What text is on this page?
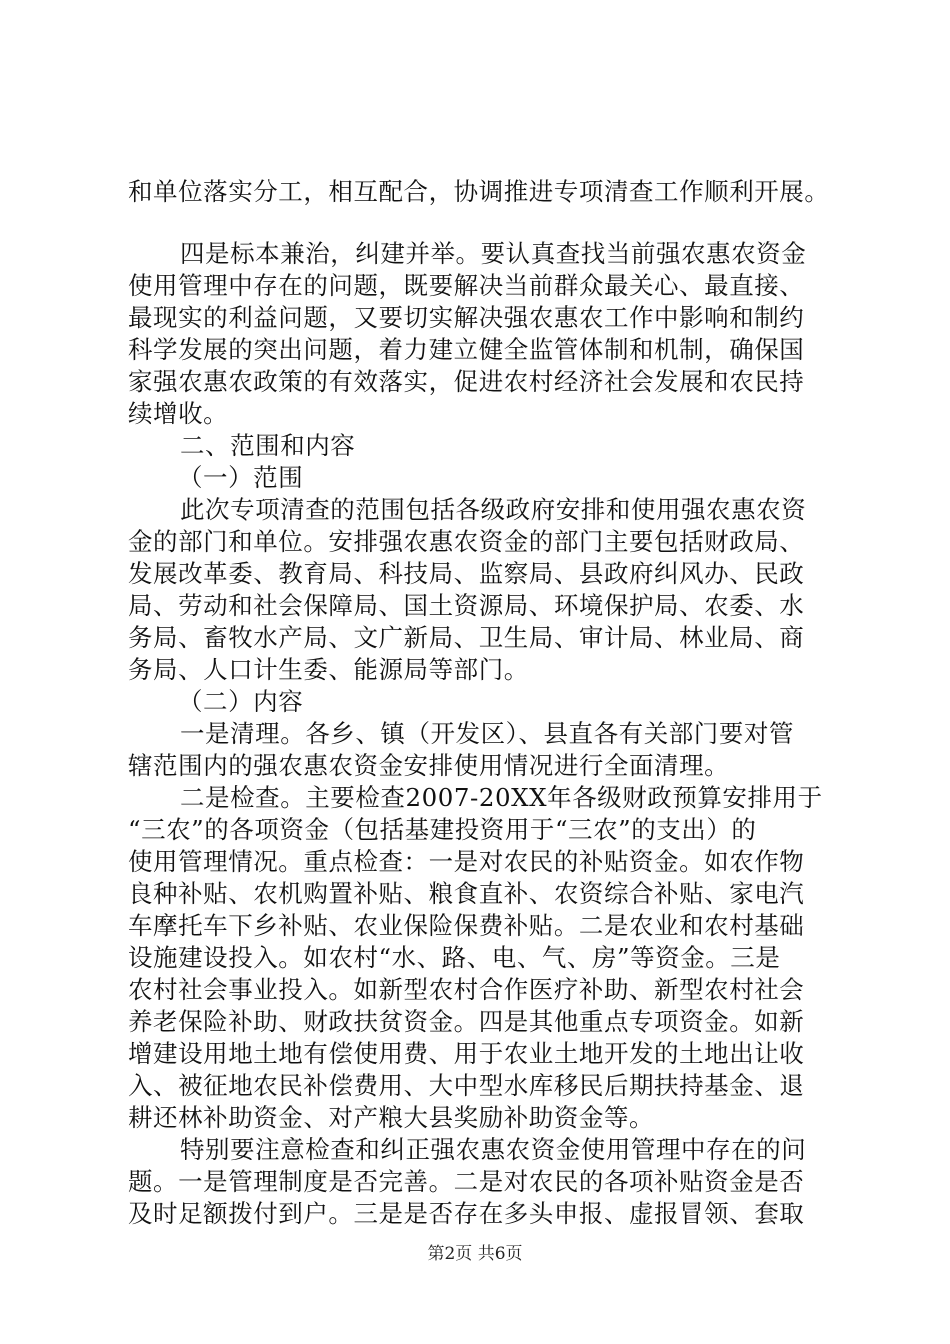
和单位落实分工，相互配合，协调推进专项清查工作顺利开展。
四是标本兼治，纠建并举。要认真查找当前强农惠农资金
使用管理中存在的问题，既要解决当前群众最关心、最直接、
最现实的利益问题，又要切实解决强农惠农工作中影响和制约
科学发展的突出问题，着力建立健全监管体制和机制，确保国
家强农惠农政策的有效落实，促进农村经济社会发展和农民持
续增收。
二、范围和内容
（一）范围
此次专项清查的范围包括各级政府安排和使用强农惠农资
金的部门和单位。安排强农惠农资金的部门主要包括财政局、
发展改革委、教育局、科技局、监察局、县政府纠风办、民政
局、劳动和社会保障局、国土资源局、环境保护局、农委、水
务局、畜牧水产局、文广新局、卫生局、审计局、林业局、商
务局、人口计生委、能源局等部门。
（二）内容
一是清理。各乡、镇（开发区）、县直各有关部门要对管
辖范围内的强农惠农资金安排使用情况进行全面清理。
二是检查。主要检查2007-20XX年各级财政预算安排用于
“三农”的各项资金（包括基建投资用于“三农”的支出）的
使用管理情况。重点检查：一是对农民的补贴资金。如农作物
良种补贴、农机购置补贴、粮食直补、农资综合补贴、家电汽
车摩托车下乡补贴、农业保险保费补贴。二是农业和农村基础
设施建设投入。如农村“水、路、电、气、房”等资金。三是
农村社会事业投入。如新型农村合作医疗补助、新型农村社会
养老保险补助、财政扶贫资金。四是其他重点专项资金。如新
增建设用地土地有偿使用费、用于农业土地开发的土地出让收
入、被征地农民补偿费用、大中型水库移民后期扶持基金、退
耕还林补助资金、对产粮大县奖励补助资金等。
特别要注意检查和纠正强农惠农资金使用管理中存在的问
题。一是管理制度是否完善。二是对农民的各项补贴资金是否
及时足额拨付到户。三是是否存在多头申报、虚报冒领、套取
第2页 共6页
